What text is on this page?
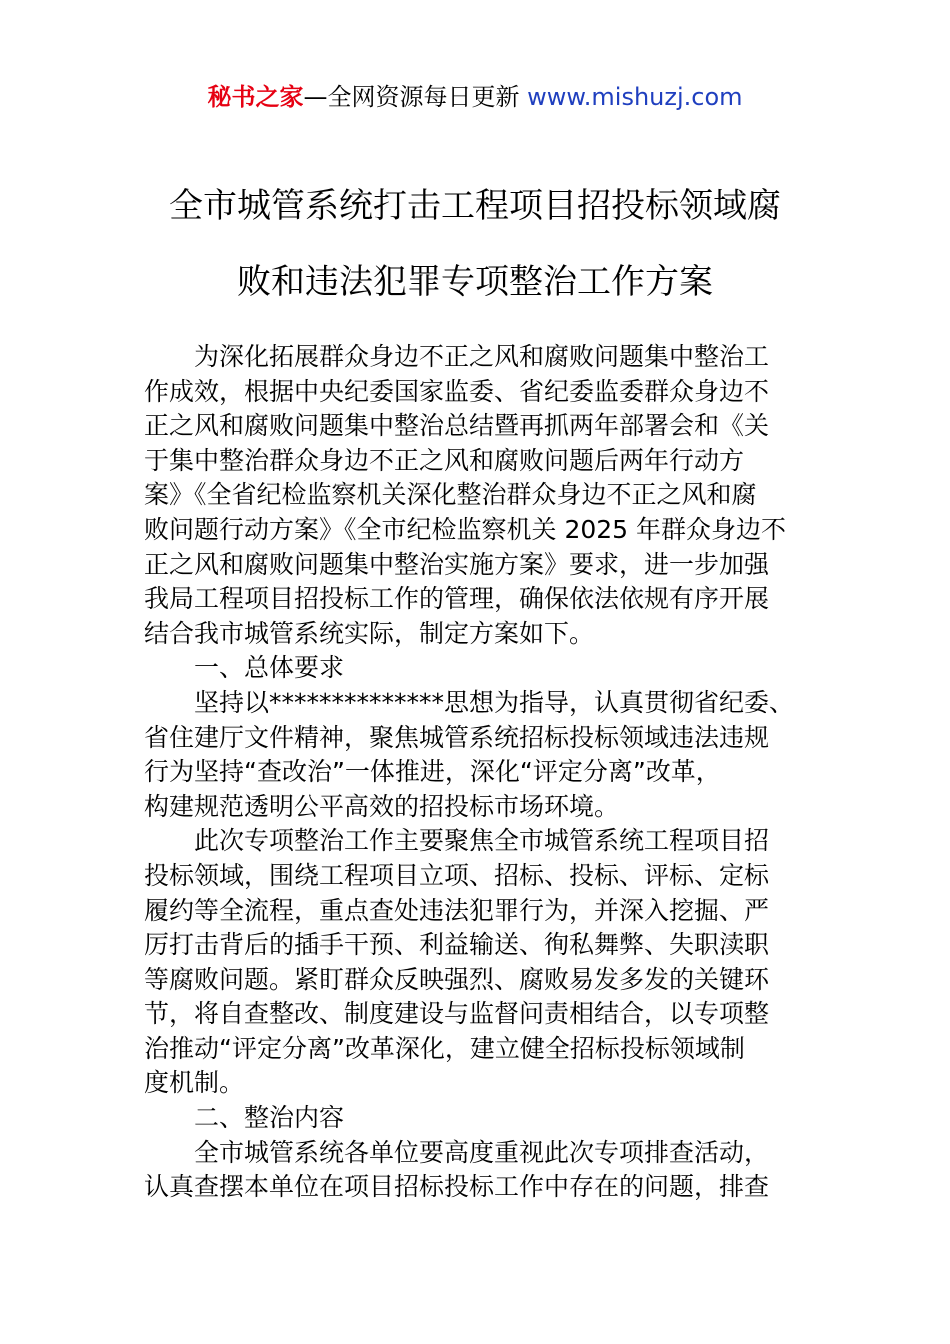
秘书之家—全网资源每日更新 www.mishuzj.com
全市城管系统打击工程项目招投标领域腐
败和违法犯罪专项整治工作方案
为深化拓展群众身边不正之风和腐败问题集中整治工
作成效，根据中央纪委国家监委、省纪委监委群众身边不
正之风和腐败问题集中整治总结暨再抓两年部署会和《关
于集中整治群众身边不正之风和腐败问题后两年行动方
案》《全省纪检监察机关深化整治群众身边不正之风和腐
败问题行动方案》《全市纪检监察机关 2025 年群众身边不
正之风和腐败问题集中整治实施方案》要求，进一步加强
我局工程项目招投标工作的管理，确保依法依规有序开展
结合我市城管系统实际，制定方案如下。
一、总体要求
坚持以**************思想为指导，认真贯彻省纪委、
省住建厅文件精神，聚焦城管系统招标投标领域违法违规
行为坚持“查改治”一体推进，深化“评定分离”改革，
构建规范透明公平高效的招投标市场环境。
此次专项整治工作主要聚焦全市城管系统工程项目招
投标领域，围绕工程项目立项、招标、投标、评标、定标
履约等全流程，重点查处违法犯罪行为，并深入挖掘、严
厉打击背后的插手干预、利益输送、徇私舞弊、失职渎职
等腐败问题。紧盯群众反映强烈、腐败易发多发的关键环
节，将自查整改、制度建设与监督问责相结合，以专项整
治推动“评定分离”改革深化，建立健全招标投标领域制
度机制。
二、整治内容
全市城管系统各单位要高度重视此次专项排查活动，
认真查摆本单位在项目招标投标工作中存在的问题，排查
